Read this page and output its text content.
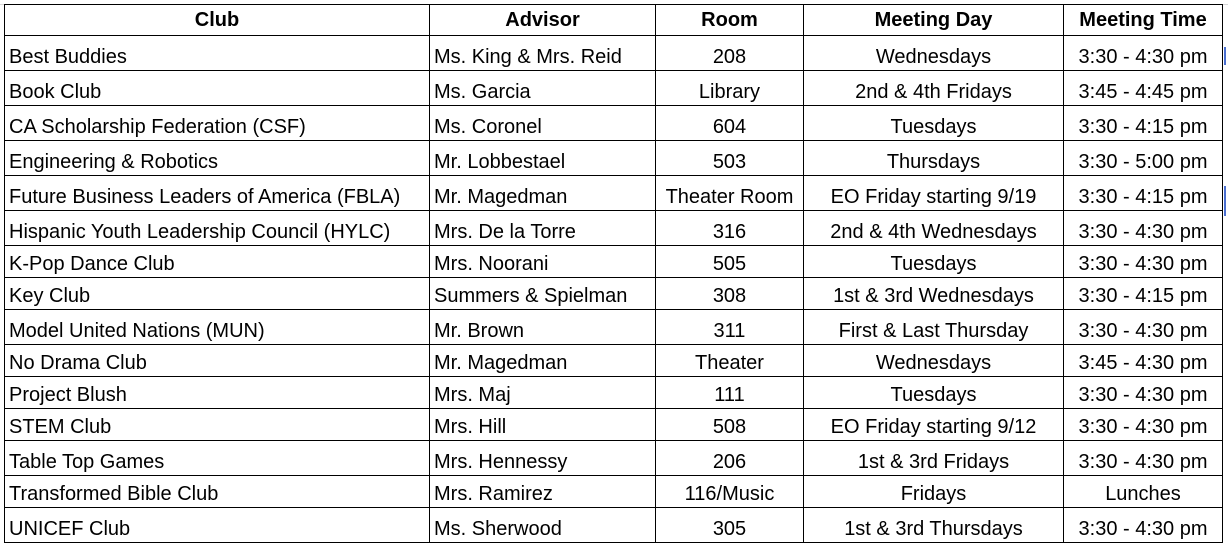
Club	Advisor	Room	Meeting Day	Meeting Time
Best Buddies	Ms. King & Mrs. Reid	208	Wednesdays	3:30 - 4:30 pm
Book Club	Ms. Garcia	Library	2nd & 4th Fridays	3:45 - 4:45 pm
CA Scholarship Federation (CSF)	Ms. Coronel	604	Tuesdays	3:30 - 4:15 pm
Engineering & Robotics	Mr. Lobbestael	503	Thursdays	3:30 - 5:00 pm
Future Business Leaders of America (FBLA)	Mr. Magedman	Theater Room	EO Friday starting 9/19	3:30 - 4:15 pm
Hispanic Youth Leadership Council (HYLC)	Mrs. De la Torre	316	2nd & 4th Wednesdays	3:30 - 4:30 pm
K-Pop Dance Club	Mrs. Noorani	505	Tuesdays	3:30 - 4:30 pm
Key Club	Summers & Spielman	308	1st & 3rd Wednesdays	3:30 - 4:15 pm
Model United Nations (MUN)	Mr. Brown	311	First & Last Thursday	3:30 - 4:30 pm
No Drama Club	Mr. Magedman	Theater	Wednesdays	3:45 - 4:30 pm
Project Blush	Mrs. Maj	111	Tuesdays	3:30 - 4:30 pm
STEM Club	Mrs. Hill	508	EO Friday starting 9/12	3:30 - 4:30 pm
Table Top Games	Mrs. Hennessy	206	1st & 3rd Fridays	3:30 - 4:30 pm
Transformed Bible Club	Mrs. Ramirez	116/Music	Fridays	Lunches
UNICEF Club	Ms. Sherwood	305	1st & 3rd Thursdays	3:30 - 4:30 pm
